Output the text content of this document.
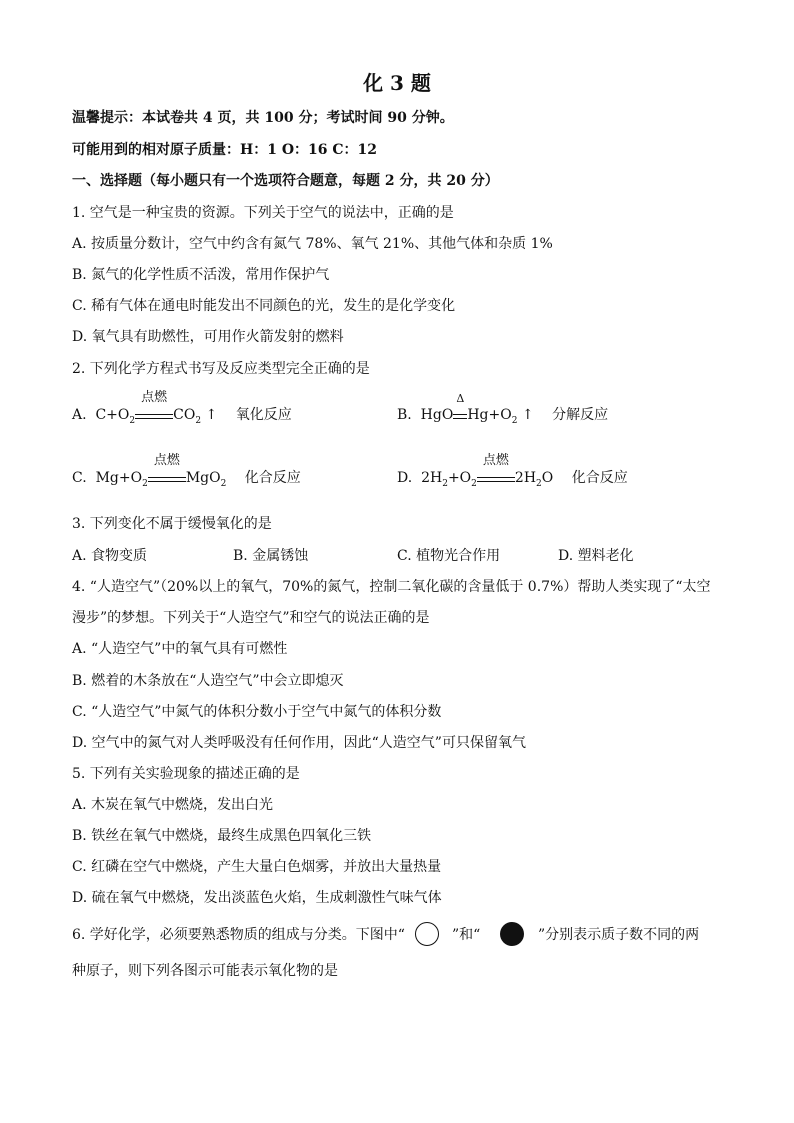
化 3 题
温馨提示：本试卷共 4 页，共 100 分；考试时间 90 分钟。
可能用到的相对原子质量：H：1 O：16 C：12
一、选择题（每小题只有一个选项符合题意，每题 2 分，共 20 分）
1. 空气是一种宝贵的资源。下列关于空气的说法中，正确的是
A. 按质量分数计，空气中约含有氮气 78%、氧气 21%、其他气体和杂质 1%
B. 氮气的化学性质不活泼，常用作保护气
C. 稀有气体在通电时能发出不同颜色的光，发生的是化学变化
D. 氧气具有助燃性，可用作火箭发射的燃料
2. 下列化学方程式书写及反应类型完全正确的是
A. $C+O_2$
点燃
$CO_2$ ↑ 氧化反应	B. HgO
Δ
$Hg+O_2$ ↑ 分解反应
C. $Mg+O_2$
点燃
MgO$_2$ 化合反应	D. $2H_2+O_2$
点燃
$2H_2O$ 化合反应
3. 下列变化不属于缓慢氧化的是
A. 食物变质	B. 金属锈蚀	C. 植物光合作用	D. 塑料老化
4. “人造空气”（20%以上的氧气，70%的氮气，控制二氧化碳的含量低于 0.7%）帮助人类实现了“太空
漫步”的梦想。下列关于“人造空气”和空气的说法正确的是
A. “人造空气”中的氧气具有可燃性
B. 燃着的木条放在“人造空气”中会立即熄灭
C. “人造空气”中氮气的体积分数小于空气中氮气的体积分数
D. 空气中的氮气对人类呼吸没有任何作用，因此“人造空气”可只保留氧气
5. 下列有关实验现象的描述正确的是
A. 木炭在氧气中燃烧，发出白光
B. 铁丝在氧气中燃烧，最终生成黑色四氧化三铁
C. 红磷在空气中燃烧，产生大量白色烟雾，并放出大量热量
D. 硫在氧气中燃烧，发出淡蓝色火焰，生成刺激性气味气体
6. 学好化学，必须要熟悉物质的组成与分类。下图中“	”和“	”分别表示质子数不同的两
种原子，则下列各图示可能表示氧化物的是
